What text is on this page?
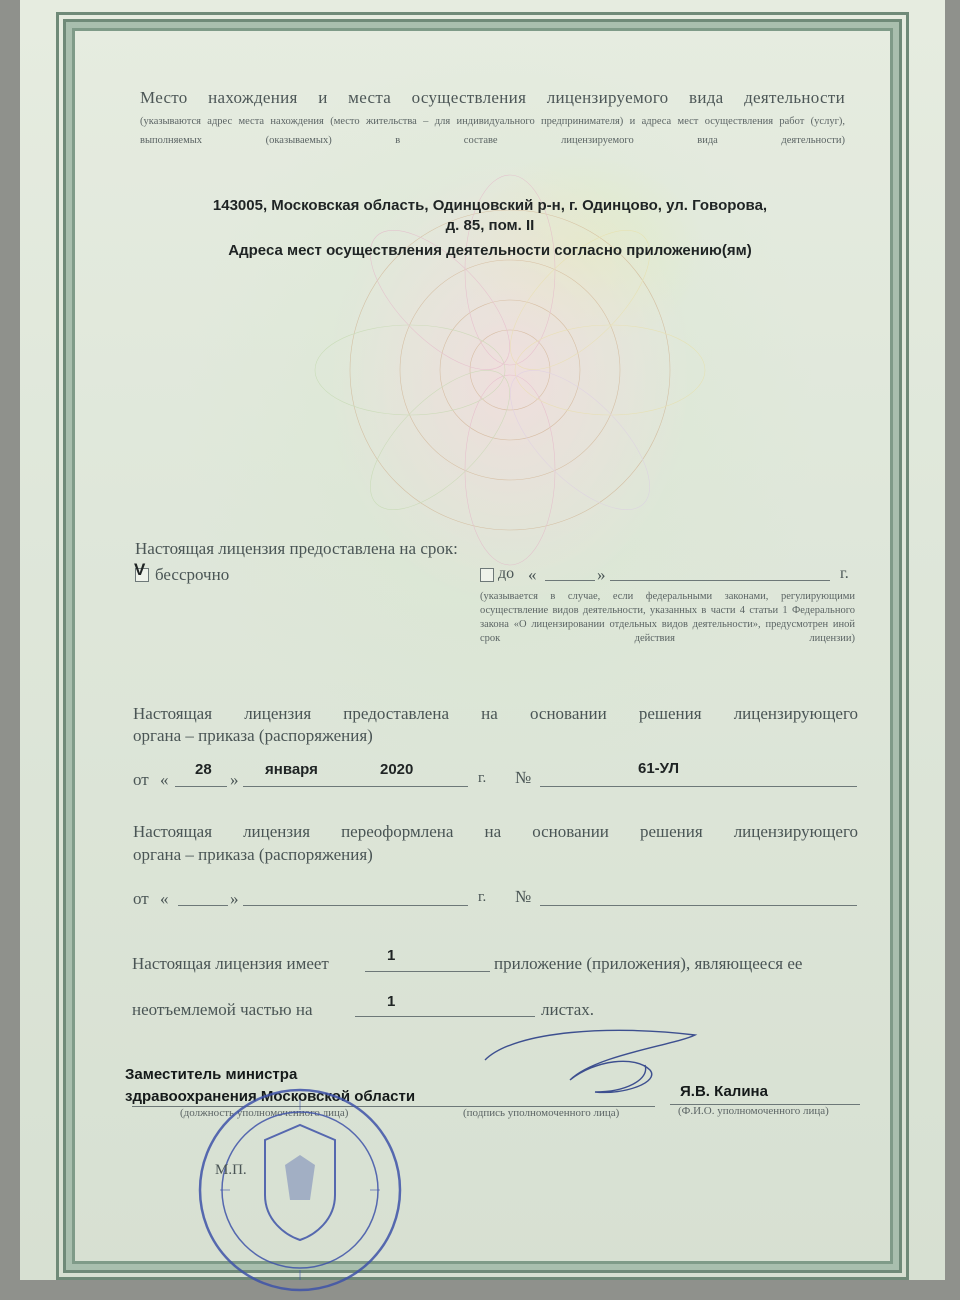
Место нахождения и места осуществления лицензируемого вида деятельности
(указываются адрес места нахождения (место жительства – для индивидуального предпринимателя) и адреса мест осуществления работ (услуг), выполняемых (оказываемых) в составе лицензируемого вида деятельности)
143005, Московская область, Одинцовский р-н, г. Одинцово, ул. Говорова,
д. 85, пом. II
Адреса мест осуществления деятельности согласно приложению(ям)
Настоящая лицензия предоставлена на срок:
V бессрочно	до «	»	г.
(указывается в случае, если федеральными законами, регулирующими осуществление видов деятельности, указанных в части 4 статьи 1 Федерального закона «О лицензировании отдельных видов деятельности», предусмотрен иной срок действия лицензии)
Настоящая лицензия предоставлена на основании решения лицензирующего
органа – приказа (распоряжения)
от «
28
»
января	2020	г. №	61-УЛ
Настоящая лицензия переоформлена на основании решения лицензирующего
органа – приказа (распоряжения)
от «	»	г. №
Настоящая лицензия имеет	1	приложение (приложения), являющееся ее
неотъемлемой частью на	1	листах.
Заместитель министра
здравоохранения Московской области
(должность уполномоченного лица)	(подпись уполномоченного лица)
Я.В. Калина
(Ф.И.О. уполномоченного лица)
М.П.
